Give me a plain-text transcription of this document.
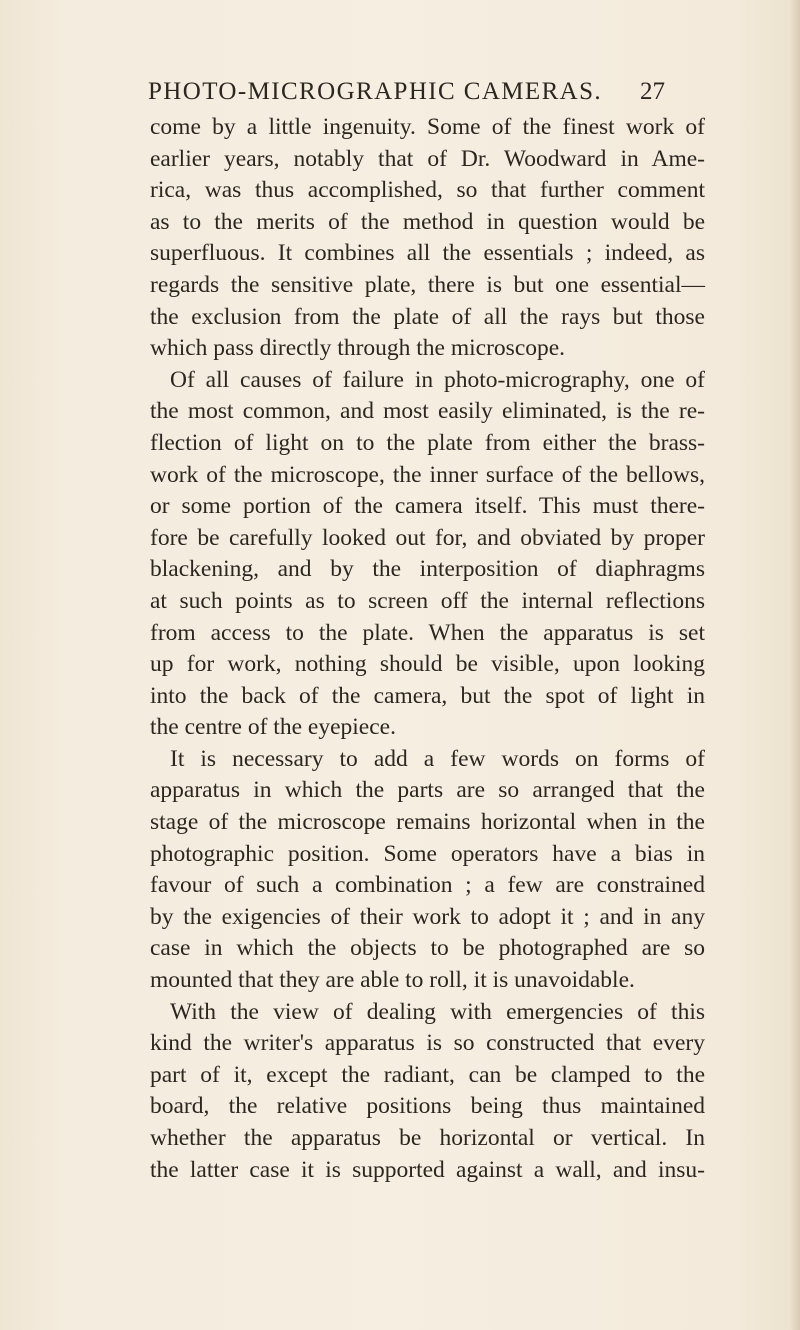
PHOTO-MICROGRAPHIC CAMERAS. 27
come by a little ingenuity. Some of the finest work of
earlier years, notably that of Dr. Woodward in Ame-
rica, was thus accomplished, so that further comment
as to the merits of the method in question would be
superfluous. It combines all the essentials ; indeed, as
regards the sensitive plate, there is but one essential—
the exclusion from the plate of all the rays but those
which pass directly through the microscope.
Of all causes of failure in photo-micrography, one of
the most common, and most easily eliminated, is the re-
flection of light on to the plate from either the brass-
work of the microscope, the inner surface of the bellows,
or some portion of the camera itself. This must there-
fore be carefully looked out for, and obviated by proper
blackening, and by the interposition of diaphragms
at such points as to screen off the internal reflections
from access to the plate. When the apparatus is set
up for work, nothing should be visible, upon looking
into the back of the camera, but the spot of light in
the centre of the eyepiece.
It is necessary to add a few words on forms of
apparatus in which the parts are so arranged that the
stage of the microscope remains horizontal when in the
photographic position. Some operators have a bias in
favour of such a combination ; a few are constrained
by the exigencies of their work to adopt it ; and in any
case in which the objects to be photographed are so
mounted that they are able to roll, it is unavoidable.
With the view of dealing with emergencies of this
kind the writer's apparatus is so constructed that every
part of it, except the radiant, can be clamped to the
board, the relative positions being thus maintained
whether the apparatus be horizontal or vertical. In
the latter case it is supported against a wall, and insu-
